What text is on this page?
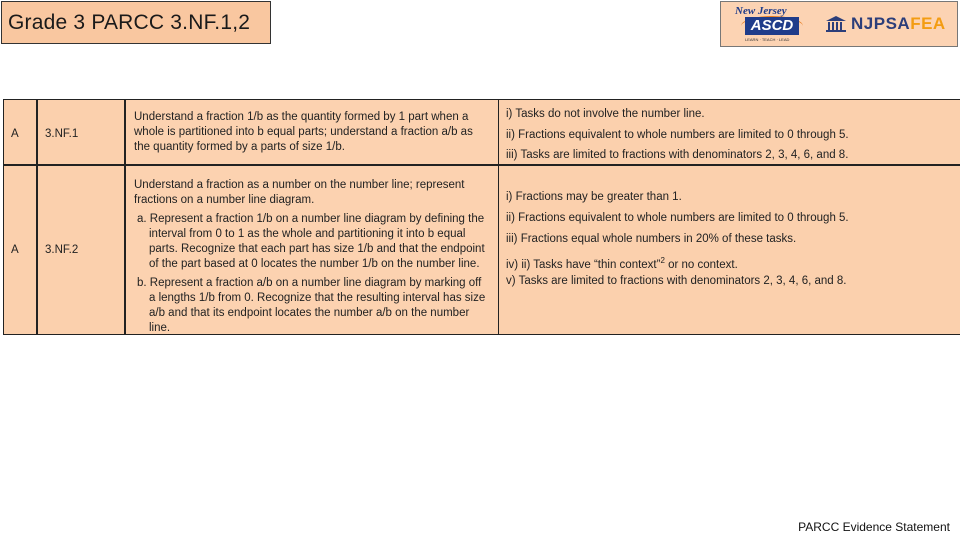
Grade 3 PARCC 3.NF.1,2	New Jersey
ASCD
LEARN · TEACH · LEAD
NJPSAFEA
A 3.NF.1
Understand a fraction 1/b as the quantity formed by 1 part when a whole is partitioned into b equal parts; understand a fraction a/b as the quantity formed by a parts of size 1/b.
i) Tasks do not involve the number line.
ii) Fractions equivalent to whole numbers are limited to 0 through 5.
iii) Tasks are limited to fractions with denominators 2, 3, 4, 6, and 8.
A 3.NF.2
Understand a fraction as a number on the number line; represent fractions on a number line diagram.
a. Represent a fraction 1/b on a number line diagram by defining the interval from 0 to 1 as the whole and partitioning it into b equal parts. Recognize that each part has size 1/b and that the endpoint of the part based at 0 locates the number 1/b on the number line.
b. Represent a fraction a/b on a number line diagram by marking off a lengths 1/b from 0. Recognize that the resulting interval has size a/b and that its endpoint locates the number a/b on the number line.
i) Fractions may be greater than 1.
ii) Fractions equivalent to whole numbers are limited to 0 through 5.
iii) Fractions equal whole numbers in 20% of these tasks.
iv) ii) Tasks have “thin context”$^2$ or no context.
v) Tasks are limited to fractions with denominators 2, 3, 4, 6, and 8.
PARCC Evidence Statement
